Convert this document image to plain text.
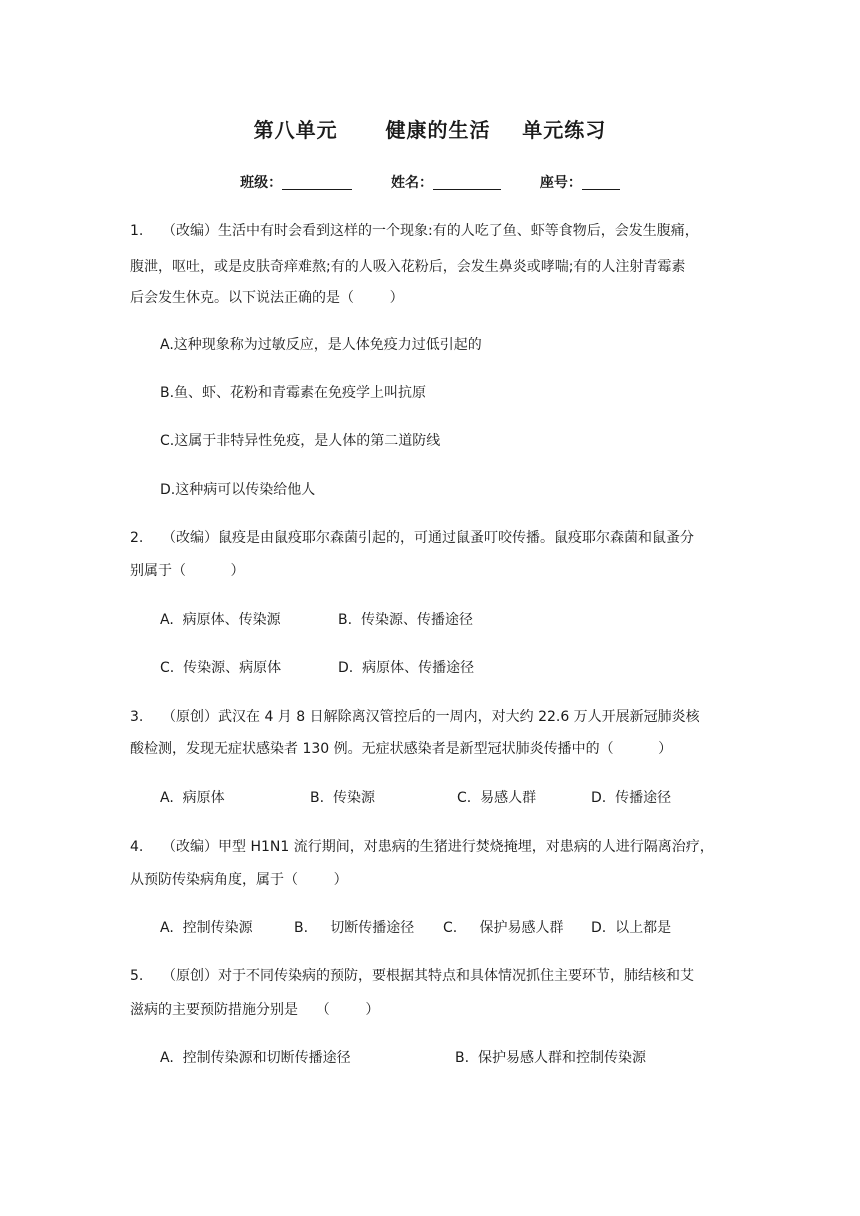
第八单元      健康的生活    单元练习
班级：	姓名：	座号：
1. （改编）生活中有时会看到这样的一个现象:有的人吃了鱼、虾等食物后，会发生腹痛，
腹泄，呕吐，或是皮肤奇痒难熬;有的人吸入花粉后，会发生鼻炎或哮喘;有的人注射青霉素
后会发生休克。以下说法正确的是（        ）
A.这种现象称为过敏反应，是人体免疫力过低引起的
B.鱼、虾、花粉和青霉素在免疫学上叫抗原
C.这属于非特异性免疫，是人体的第二道防线
D.这种病可以传染给他人
2. （改编）鼠疫是由鼠疫耶尔森菌引起的，可通过鼠蚤叮咬传播。鼠疫耶尔森菌和鼠蚤分
别属于（          ）
A.  病原体、传染源	B.  传染源、传播途径
C.  传染源、病原体	D.  病原体、传播途径
3. （原创）武汉在 4 月 8 日解除离汉管控后的一周内，对大约 22.6 万人开展新冠肺炎核
酸检测，发现无症状感染者 130 例。无症状感染者是新型冠状肺炎传播中的（          ）
A.  病原体	B.  传染源	C.  易感人群	D.  传播途径
4. （改编）甲型 H1N1 流行期间，对患病的生猪进行焚烧掩埋，对患病的人进行隔离治疗，
从预防传染病角度，属于（        ）
A.  控制传染源	B.     切断传播途径 C.     保护易感人群 D.  以上都是
5. （原创）对于不同传染病的预防，要根据其特点和具体情况抓住主要环节，肺结核和艾
滋病的主要预防措施分别是    （        ）
A.  控制传染源和切断传播途径	B.  保护易感人群和控制传染源
